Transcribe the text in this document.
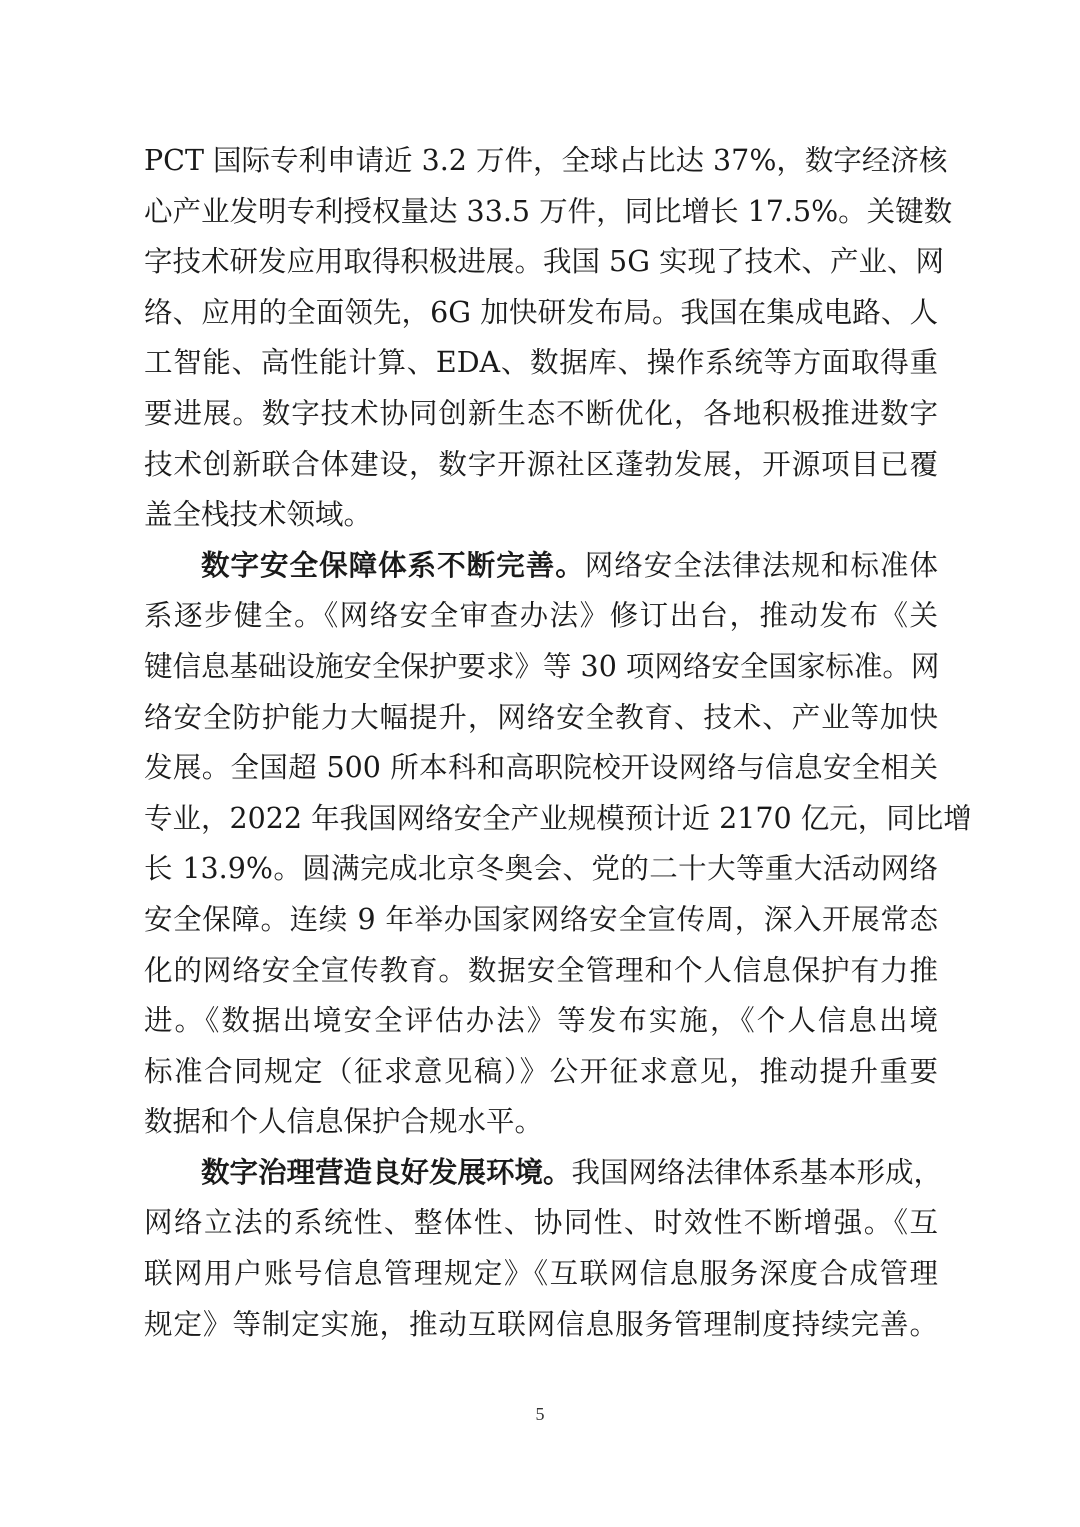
PCT 国际专利申请近 3.2 万件，全球占比达 37%，数字经济核
心产业发明专利授权量达 33.5 万件，同比增长 17.5%。关键数
字技术研发应用取得积极进展。我国 5G 实现了技术、产业、网
络、应用的全面领先，6G 加快研发布局。我国在集成电路、人
工智能、高性能计算、EDA、数据库、操作系统等方面取得重
要进展。数字技术协同创新生态不断优化，各地积极推进数字
技术创新联合体建设，数字开源社区蓬勃发展，开源项目已覆
盖全栈技术领域。
数字安全保障体系不断完善。网络安全法律法规和标准体
系逐步健全。《网络安全审查办法》修订出台，推动发布《关
键信息基础设施安全保护要求》等 30 项网络安全国家标准。网
络安全防护能力大幅提升，网络安全教育、技术、产业等加快
发展。全国超 500 所本科和高职院校开设网络与信息安全相关
专业，2022 年我国网络安全产业规模预计近 2170 亿元，同比增
长 13.9%。圆满完成北京冬奥会、党的二十大等重大活动网络
安全保障。连续 9 年举办国家网络安全宣传周，深入开展常态
化的网络安全宣传教育。数据安全管理和个人信息保护有力推
进。《数据出境安全评估办法》等发布实施，《个人信息出境
标准合同规定（征求意见稿）》公开征求意见，推动提升重要
数据和个人信息保护合规水平。
数字治理营造良好发展环境。我国网络法律体系基本形成，
网络立法的系统性、整体性、协同性、时效性不断增强。《互
联网用户账号信息管理规定》《互联网信息服务深度合成管理
规定》等制定实施，推动互联网信息服务管理制度持续完善。
5
